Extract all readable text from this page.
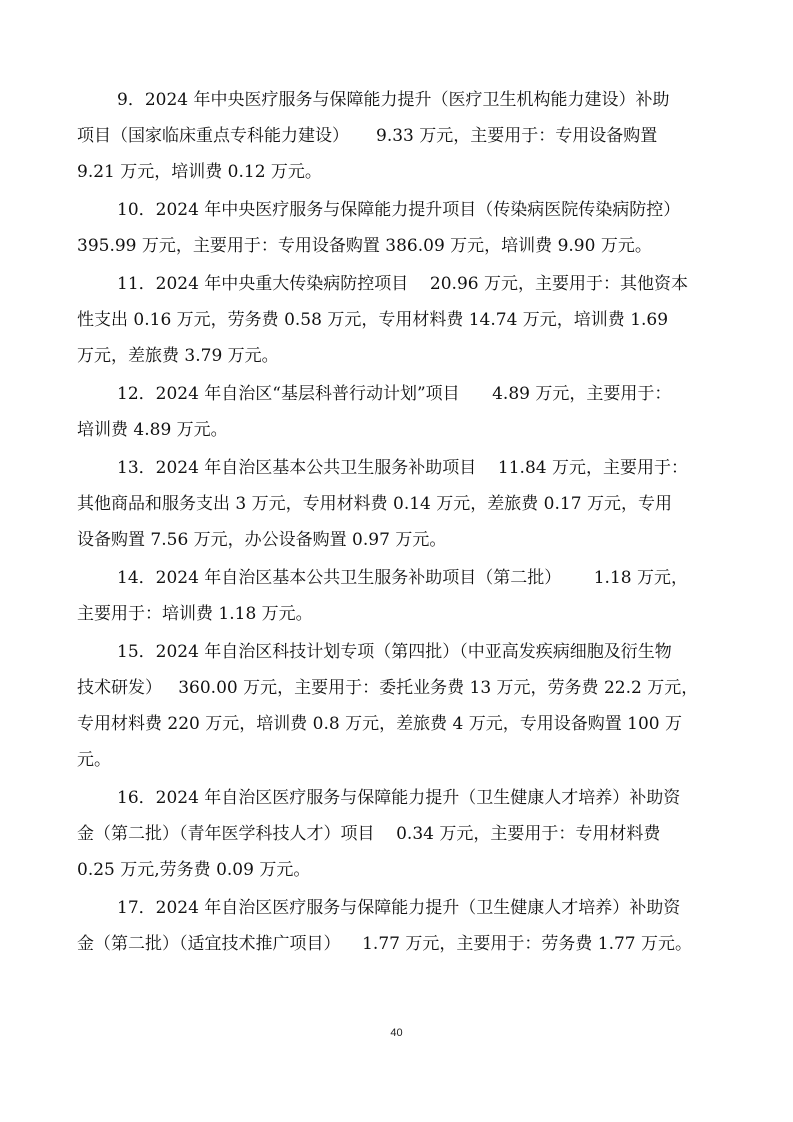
9．2024 年中央医疗服务与保障能力提升（医疗卫生机构能力建设）补助
项目（国家临床重点专科能力建设）     9.33 万元，主要用于：专用设备购置
9.21 万元，培训费 0.12 万元。
10．2024 年中央医疗服务与保障能力提升项目（传染病医院传染病防控）
395.99 万元，主要用于：专用设备购置 386.09 万元，培训费 9.90 万元。
11．2024 年中央重大传染病防控项目    20.96 万元，主要用于：其他资本
性支出 0.16 万元，劳务费 0.58 万元，专用材料费 14.74 万元，培训费 1.69
万元，差旅费 3.79 万元。
12．2024 年自治区“基层科普行动计划”项目      4.89 万元，主要用于：
培训费 4.89 万元。
13．2024 年自治区基本公共卫生服务补助项目    11.84 万元，主要用于：
其他商品和服务支出 3 万元，专用材料费 0.14 万元，差旅费 0.17 万元，专用
设备购置 7.56 万元，办公设备购置 0.97 万元。
14．2024 年自治区基本公共卫生服务补助项目（第二批）      1.18 万元，
主要用于：培训费 1.18 万元。
15．2024 年自治区科技计划专项（第四批）（中亚高发疾病细胞及衍生物
技术研发）   360.00 万元，主要用于：委托业务费 13 万元，劳务费 22.2 万元，
专用材料费 220 万元，培训费 0.8 万元，差旅费 4 万元，专用设备购置 100 万
元。
16．2024 年自治区医疗服务与保障能力提升（卫生健康人才培养）补助资
金（第二批）（青年医学科技人才）项目    0.34 万元，主要用于：专用材料费
0.25 万元,劳务费 0.09 万元。
17．2024 年自治区医疗服务与保障能力提升（卫生健康人才培养）补助资
金（第二批）（适宜技术推广项目）    1.77 万元，主要用于：劳务费 1.77 万元。
40
